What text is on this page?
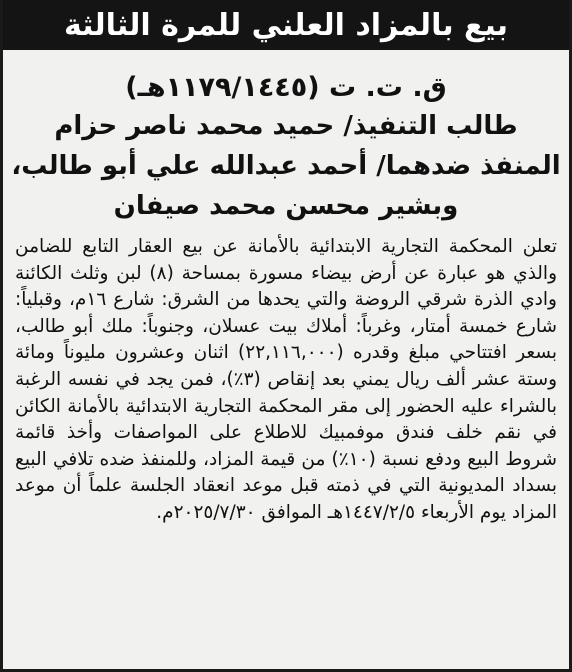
بيع بالمزاد العلني للمرة الثالثة
ق. ت. ت (١١٧٩/١٤٤٥هـ)
طالب التنفيذ/ حميد محمد ناصر حزام
المنفذ ضدهما/ أحمد عبدالله علي أبو طالب،
وبشير محسن محمد صيفان
تعلن المحكمة التجارية الابتدائية بالأمانة عن بيع العقار التابع للضامن والذي هو عبارة عن أرض بيضاء مسورة بمساحة (٨) لبن وثلث الكائنة وادي الذرة شرقي الروضة والتي يحدها من الشرق: شارع ١٦م، وقبلياً: شارع خمسة أمتار، وغرباً: أملاك بيت عسلان، وجنوباً: ملك أبو طالب، بسعر افتتاحي مبلغ وقدره (٢٢,١١٦,٠٠٠) اثنان وعشرون مليوناً ومائة وستة عشر ألف ريال يمني بعد إنقاص (٣٪)، فمن يجد في نفسه الرغبة بالشراء عليه الحضور إلى مقر المحكمة التجارية الابتدائية بالأمانة الكائن في نقم خلف فندق موفمبيك للاطلاع على المواصفات وأخذ قائمة شروط البيع ودفع نسبة (١٠٪) من قيمة المزاد، وللمنفذ ضده تلافي البيع بسداد المديونية التي في ذمته قبل موعد انعقاد الجلسة علماً أن موعد المزاد يوم الأربعاء ١٤٤٧/٢/٥هـ الموافق ٢٠٢٥/٧/٣٠م.
